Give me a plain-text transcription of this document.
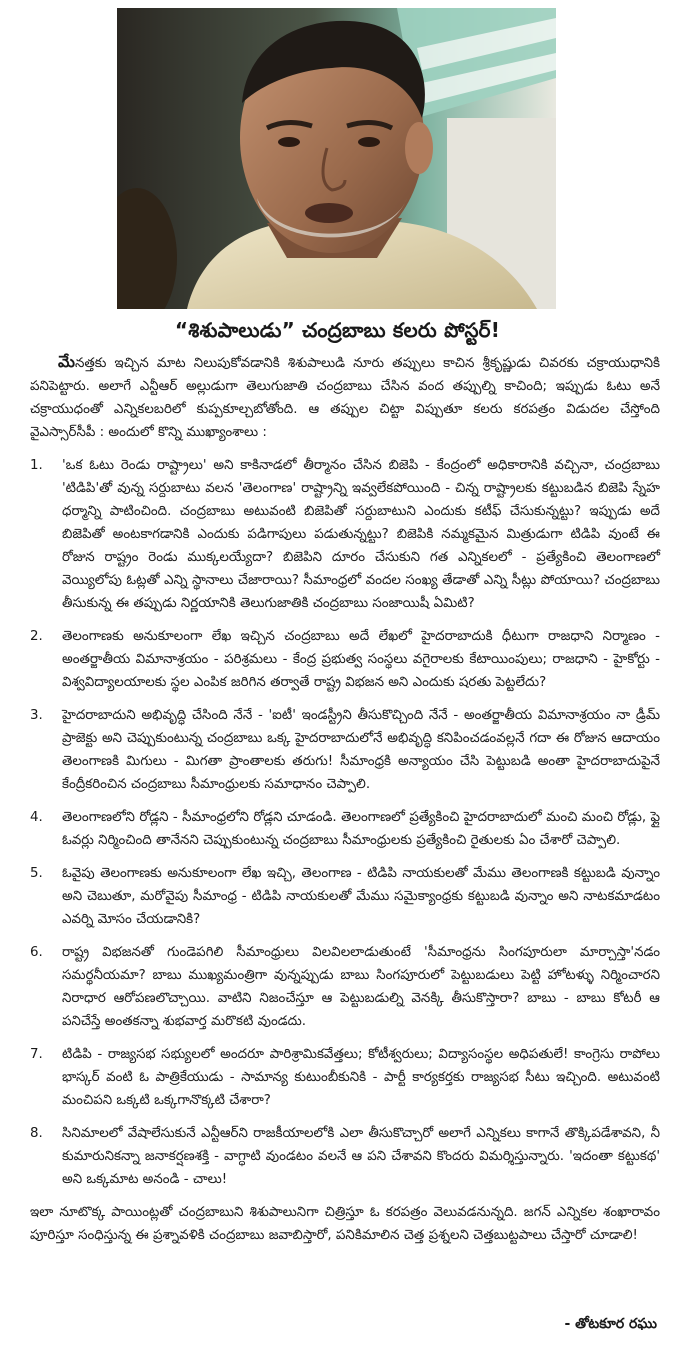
“శిశుపాలుడు” చంద్రబాబు కలరు పోస్టర్!

మేనత్తకు ఇచ్చిన మాట నిలుపుకోవడానికి శిశుపాలుడి నూరు తప్పులు కాచిన శ్రీకృష్ణుడు చివరకు చక్రాయుధానికి పనిపెట్టారు. అలాగే ఎన్టీఆర్ అల్లుడుగా తెలుగుజాతి చంద్రబాబు చేసిన వంద తప్పుల్ని కాచింది; ఇప్పుడు ఓటు అనే చక్రాయుధంతో ఎన్నికలబరిలో కుప్పకూల్చబోతోంది. ఆ తప్పుల చిట్టా విప్పుతూ కలరు కరపత్రం విడుదల చేస్తోంది వైఎస్సార్‌సీపీ : అందులో కొన్ని ముఖ్యాంశాలు :

1. 'ఒక ఓటు రెండు రాష్ట్రాలు' అని కాకినాడలో తీర్మానం చేసిన బిజెపి - కేంద్రంలో అధికారానికి వచ్చినా, చంద్రబాబు 'టిడిపి'తో వున్న సర్దుబాటు వలన 'తెలంగాణ' రాష్ట్రాన్ని ఇవ్వలేకపోయింది - చిన్న రాష్ట్రాలకు కట్టుబడిన బిజెపి స్నేహ ధర్మాన్ని పాటించింది. చంద్రబాబు అటువంటి బిజెపితో సర్దుబాటుని ఎందుకు కటీఫ్ చేసుకున్నట్టు? ఇప్పుడు అదే బిజెపితో అంటకాగడానికి ఎందుకు పడిగాపులు పడుతున్నట్టు? బిజెపికి నమ్మకమైన మిత్రుడుగా టిడిపి వుంటే ఈ రోజున రాష్ట్రం రెండు ముక్కలయ్యేదా? బిజెపిని దూరం చేసుకుని గత ఎన్నికలలో - ప్రత్యేకించి తెలంగాణలో వెయ్యిలోపు ఓట్లతో ఎన్ని స్థానాలు చేజారాయి? సీమాంధ్రలో వందల సంఖ్య తేడాతో ఎన్ని సీట్లు పోయాయి? చంద్రబాబు తీసుకున్న ఈ తప్పుడు నిర్ణయానికి తెలుగుజాతికి చంద్రబాబు సంజాయిషీ ఏమిటి?
2. తెలంగాణకు అనుకూలంగా లేఖ ఇచ్చిన చంద్రబాబు అదే లేఖలో హైదరాబాదుకి ధీటుగా రాజధాని నిర్మాణం - అంతర్జాతీయ విమానాశ్రయం - పరిశ్రమలు - కేంద్ర ప్రభుత్వ సంస్థలు వగైరాలకు కేటాయింపులు; రాజధాని - హైకోర్టు - విశ్వవిద్యాలయాలకు స్థల ఎంపిక జరిగిన తర్వాతే రాష్ట్ర విభజన అని ఎందుకు షరతు పెట్టలేదు?
3. హైదరాబాదుని అభివృద్ధి చేసింది నేనే - 'ఐటీ' ఇండస్ట్రీని తీసుకొచ్చింది నేనే - అంతర్జాతీయ విమానాశ్రయం నా డ్రీమ్ ప్రాజెక్టు అని చెప్పుకుంటున్న చంద్రబాబు ఒక్క హైదరాబాదులోనే అభివృద్ధి కనిపించడంవల్లనే గదా ఈ రోజున ఆదాయం తెలంగాణకి మిగులు - మిగతా ప్రాంతాలకు తరుగు! సీమాంధ్రకి అన్యాయం చేసి పెట్టుబడి అంతా హైదరాబాదుపైనే కేంద్రీకరించిన చంద్రబాబు సీమాంధ్రులకు సమాధానం చెప్పాలి.
4. తెలంగాణలోని రోడ్లని - సీమాంధ్రలోని రోడ్లని చూడండి. తెలంగాణలో ప్రత్యేకించి హైదరాబాదులో మంచి మంచి రోడ్లు, ఫ్లై ఓవర్లు నిర్మించింది తానేనని చెప్పుకుంటున్న చంద్రబాబు సీమాంధ్రులకు ప్రత్యేకించి రైతులకు ఏం చేశారో చెప్పాలి.
5. ఓవైపు తెలంగాణకు అనుకూలంగా లేఖ ఇచ్చి, తెలంగాణ - టిడిపి నాయకులతో మేము తెలంగాణకి కట్టుబడి వున్నాం అని చెబుతూ, మరోవైపు సీమాంధ్ర - టిడిపి నాయకులతో మేము సమైక్యాంధ్రకు కట్టుబడి వున్నాం అని నాటకమాడటం ఎవర్ని మోసం చేయడానికి?
6. రాష్ట్ర విభజనతో గుండెపగిలి సీమాంధ్రులు విలవిలలాడుతుంటే 'సీమాంధ్రను సింగపూరులా మార్చాస్తా'నడం సమర్థనీయమా? బాబు ముఖ్యమంత్రిగా వున్నప్పుడు బాబు సింగపూరులో పెట్టుబడులు పెట్టి హోటళ్ళు నిర్మించారని నిరాధార ఆరోపణలొచ్చాయి. వాటిని నిజంచేస్తూ ఆ పెట్టుబడుల్ని వెనక్కి తీసుకొస్తారా? బాబు - బాబు కోటరీ ఆ పనిచేస్తే అంతకన్నా శుభవార్త మరొకటి వుండదు.
7. టిడిపి - రాజ్యసభ సభ్యులలో అందరూ పారిశ్రామికవేత్తలు; కోటీశ్వరులు; విద్యాసంస్థల అధిపతులే! కాంగ్రెసు రాపోలు భాస్కర్ వంటి ఓ పాత్రికేయుడు - సామాన్య కుటుంబీకునికి - పార్టీ కార్యకర్తకు రాజ్యసభ సీటు ఇచ్చింది. అటువంటి మంచిపని ఒక్కటి ఒక్కగానొక్కటి చేశారా?
8. సినిమాలలో వేషాలేసుకునే ఎన్టీఆర్‌ని రాజకీయాలలోకి ఎలా తీసుకొచ్చారో అలాగే ఎన్నికలు కాగానే తొక్కిపడేశావని, నీ కుమారునికన్నా జనాకర్షణశక్తి - వాగ్ధాటి వుండటం వలనే ఆ పని చేశావని కొందరు విమర్శిస్తున్నారు. 'ఇదంతా కట్టుకథ' అని ఒక్కమాట అనండి - చాలు!

ఇలా నూటొక్క పాయింట్లతో చంద్రబాబుని శిశుపాలునిగా చిత్రిస్తూ ఓ కరపత్రం వెలువడనున్నది. జగన్ ఎన్నికల శంఖారావం పూరిస్తూ సంధిస్తున్న ఈ ప్రశ్నావళికి చంద్రబాబు జవాబిస్తారో, పనికిమాలిన చెత్త ప్రశ్నలని చెత్తబుట్టపాలు చేస్తారో చూడాలి!

- తోటకూర రఘు
